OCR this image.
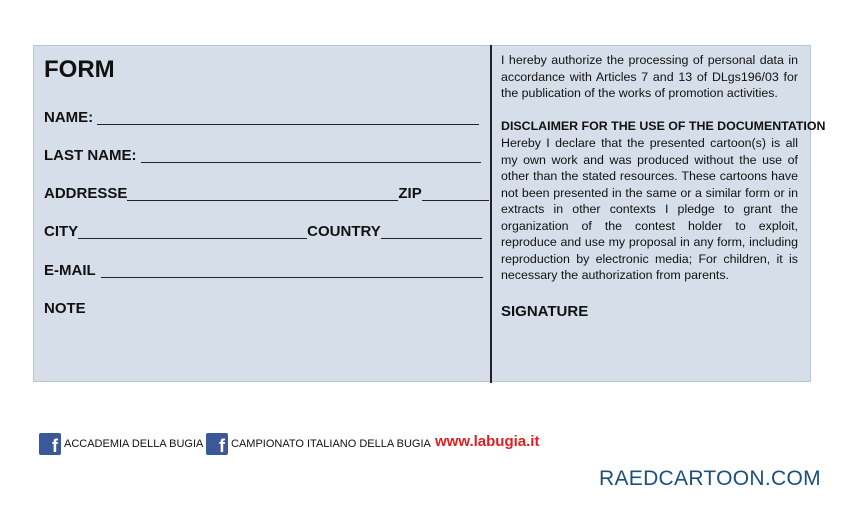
FORM
NAME:
LAST NAME:
ADDRESSE	ZIP
CITY	COUNTRY
E-MAIL
NOTE
I hereby authorize the processing of personal data in accordance with Articles 7 and 13 of DLgs196/03 for the publication of the works of promotion activities.
DISCLAIMER FOR THE USE OF THE DOCUMENTATION
Hereby I declare that the presented cartoon(s) is all my own work and was produced without the use of other than the stated resources. These cartoons have not been presented in the same or a similar form or in extracts in other contexts I pledge to grant the organization of the contest holder to exploit, reproduce and use my proposal in any form, including reproduction by electronic media; For children, it is necessary the authorization from parents.
SIGNATURE
f ACCADEMIA DELLA BUGIA f CAMPIONATO ITALIANO DELLA BUGIA www.labugia.it
RAEDCARTOON.COM
